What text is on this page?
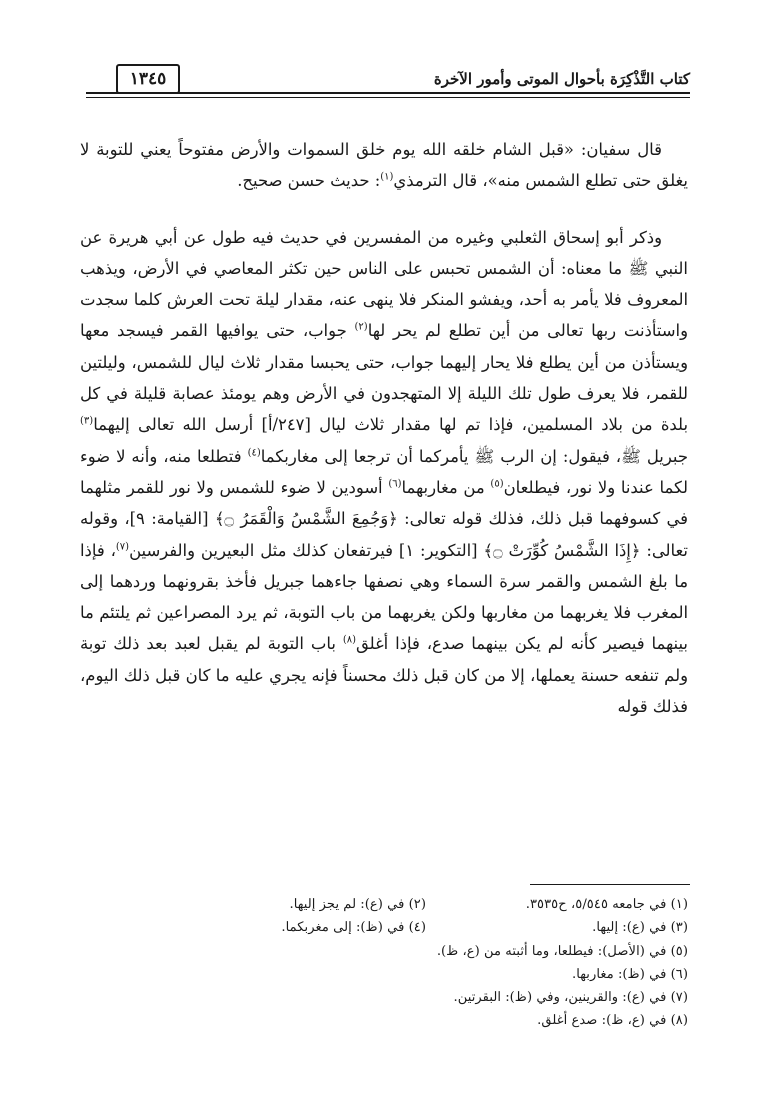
كتاب التَّذْكِرَة بأحوال الموتى وأمور الآخرة
١٣٤٥

قال سفيان: «قبل الشام خلقه الله يوم خلق السموات والأرض مفتوحاً يعني للتوبة لا يغلق حتى تطلع الشمس منه»، قال الترمذي$^{(١)}$: حديث حسن صحيح.

وذكر أبو إسحاق الثعلبي وغيره من المفسرين في حديث فيه طول عن أبي هريرة عن النبي ﷺ ما معناه: أن الشمس تحبس على الناس حين تكثر المعاصي في الأرض، ويذهب المعروف فلا يأمر به أحد، ويفشو المنكر فلا ينهى عنه، مقدار ليلة تحت العرش كلما سجدت واستأذنت ربها تعالى من أين تطلع لم يحر لها$^{(٢)}$ جواب، حتى يوافيها القمر فيسجد معها ويستأذن من أين يطلع فلا يحار إليهما جواب، حتى يحبسا مقدار ثلاث ليال للشمس، وليلتين للقمر، فلا يعرف طول تلك الليلة إلا المتهجدون في الأرض وهم يومئذ عصابة قليلة في كل بلدة من بلاد المسلمين، فإذا تم لها مقدار ثلاث ليال [٢٤٧/أ] أرسل الله تعالى إليهما$^{(٣)}$ جبريل ﷺ، فيقول: إن الرب ﷺ يأمركما أن ترجعا إلى مغاربكما$^{(٤)}$ فتطلعا منه، وأنه لا ضوء لكما عندنا ولا نور، فيطلعان$^{(٥)}$ من مغاربهما$^{(٦)}$ أسودين لا ضوء للشمس ولا نور للقمر مثلهما في كسوفهما قبل ذلك، فذلك قوله تعالى: ﴿وَجُمِعَ الشَّمْسُ وَالْقَمَرُ ۝﴾ [القيامة: ٩]، وقوله تعالى: ﴿إِذَا الشَّمْسُ كُوِّرَتْ ۝﴾ [التكوير: ١] فيرتفعان كذلك مثل البعيرين والفرسين$^{(٧)}$، فإذا ما بلغ الشمس والقمر سرة السماء وهي نصفها جاءهما جبريل فأخذ بقرونهما وردهما إلى المغرب فلا يغربهما من مغاربها ولكن يغربهما من باب التوبة، ثم يرد المصراعين ثم يلتئم ما بينهما فيصير كأنه لم يكن بينهما صدع، فإذا أغلق$^{(٨)}$ باب التوبة لم يقبل لعبد بعد ذلك توبة ولم تنفعه حسنة يعملها، إلا من كان قبل ذلك محسناً فإنه يجري عليه ما كان قبل ذلك اليوم، فذلك قوله

(١) في جامعه ٥/٥٤٥، ح٣٥٣٥.(٢) في (ع): لم يجز إليها.
(٣) في (ع): إليها.(٤) في (ظ): إلى مغربكما.
(٥) في (الأصل): فيطلعا، وما أثبته من (ع، ظ).
(٦) في (ظ): مغاربها.
(٧) في (ع): والقرينين، وفي (ظ): البقرتين.
(٨) في (ع، ظ): صدع أغلق.
